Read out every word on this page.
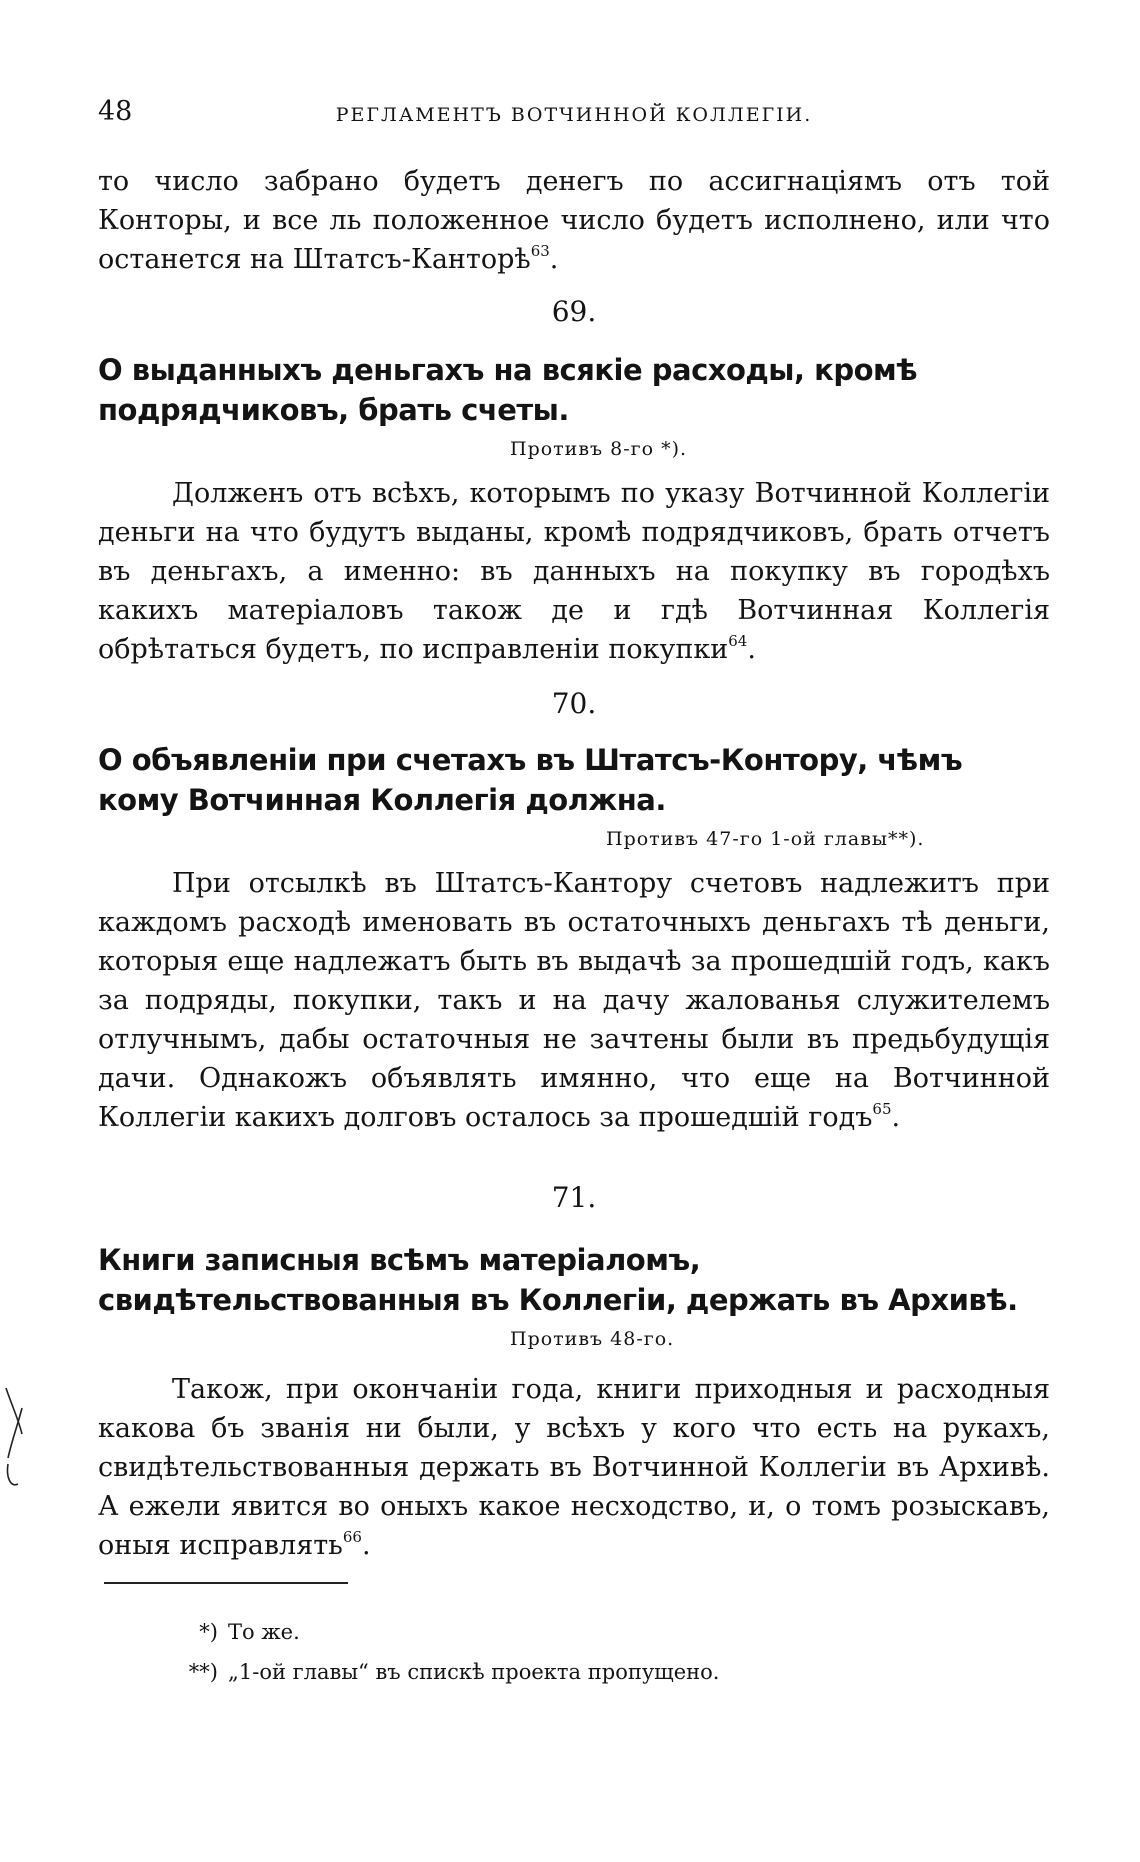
48	РЕГЛАМЕНТЪ ВОТЧИННОЙ КОЛЛЕГІИ.

то число забрано будетъ денегъ по ассигнаціямъ отъ той Конторы, и все ль положенное число будетъ исполнено, или что останется на Штатсъ-Канторѣ$^{63}$.

69.

О выданныхъ деньгахъ на всякіе расходы, кромѣ подрядчиковъ, брать счеты.

Противъ 8-го *).

Долженъ отъ всѣхъ, которымъ по указу Вотчинной Коллегіи деньги на что будутъ выданы, кромѣ подрядчиковъ, брать отчетъ въ деньгахъ, а именно: въ данныхъ на покупку въ городѣхъ какихъ матеріаловъ також де и гдѣ Вотчинная Коллегія обрѣтаться будетъ, по исправленіи покупки$^{64}$.

70.

О объявленіи при счетахъ въ Штатсъ-Контору, чѣмъ кому Вотчинная Коллегія должна.

Противъ 47-го 1-ой главы**).

При отсылкѣ въ Штатсъ-Кантору счетовъ надлежитъ при каждомъ расходѣ именовать въ остаточныхъ деньгахъ тѣ деньги, которыя еще надлежатъ быть въ выдачѣ за прошедшій годъ, какъ за подряды, покупки, такъ и на дачу жалованья служителемъ отлучнымъ, дабы остаточныя не зачтены были въ предьбудущія дачи. Однакожъ объявлять имянно, что еще на Вотчинной Коллегіи какихъ долговъ осталось за прошедшій годъ$^{65}$.

71.

Книги записныя всѣмъ матеріаломъ, свидѣтельствованныя въ Коллегіи, держать въ Архивѣ.

Противъ 48-го.

Також, при окончаніи года, книги приходныя и расходныя какова бъ званія ни были, у всѣхъ у кого что есть на рукахъ, свидѣтельствованныя держать въ Вотчинной Коллегіи въ Архивѣ. А ежели явится во оныхъ какое несходство, и, о томъ розыскавъ, оныя исправлять$^{66}$.

*) То же.

**) „1-ой главы“ въ спискѣ проекта пропущено.
